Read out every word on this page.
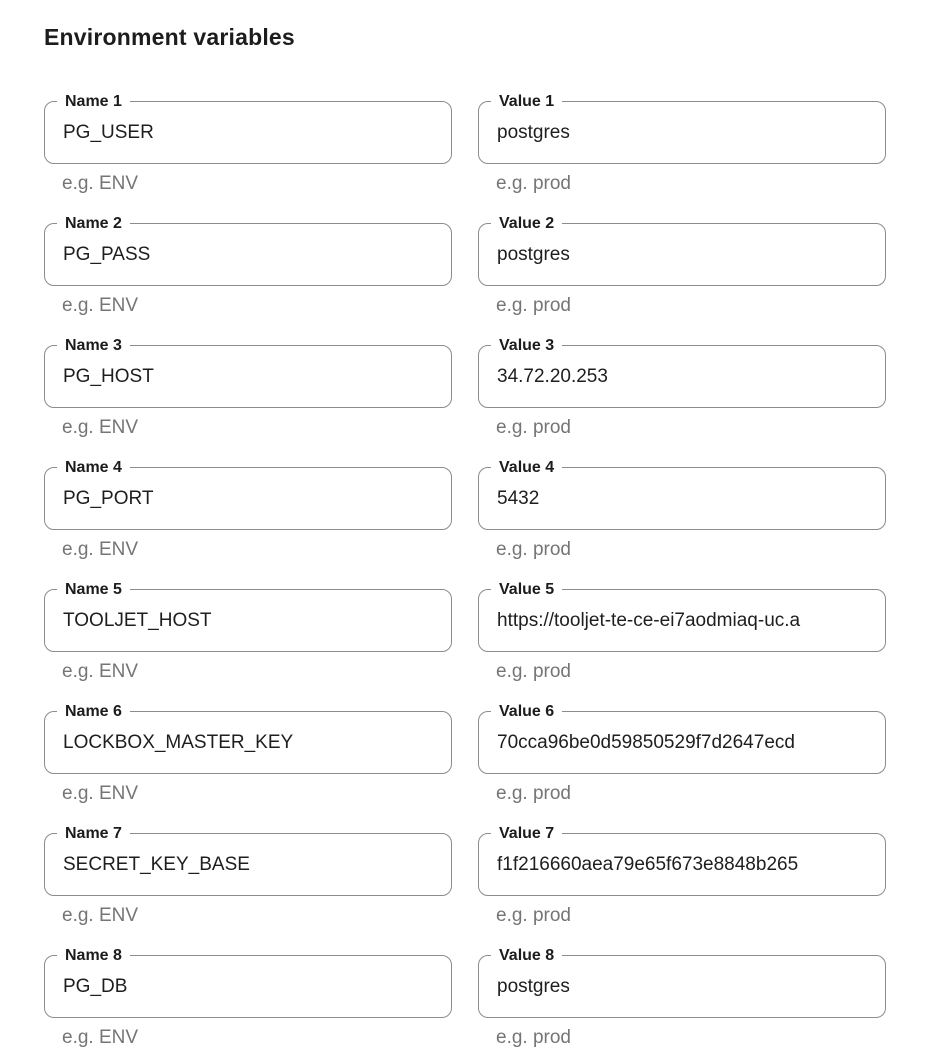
Environment variables
Name 1
PG_USER
e.g. ENV
Value 1
postgres
e.g. prod
Name 2
PG_PASS
e.g. ENV
Value 2
postgres
e.g. prod
Name 3
PG_HOST
e.g. ENV
Value 3
34.72.20.253
e.g. prod
Name 4
PG_PORT
e.g. ENV
Value 4
5432
e.g. prod
Name 5
TOOLJET_HOST
e.g. ENV
Value 5
https://tooljet-te-ce-ei7aodmiaq-uc.a
e.g. prod
Name 6
LOCKBOX_MASTER_KEY
e.g. ENV
Value 6
70cca96be0d59850529f7d2647ecd
e.g. prod
Name 7
SECRET_KEY_BASE
e.g. ENV
Value 7
f1f216660aea79e65f673e8848b265
e.g. prod
Name 8
PG_DB
e.g. ENV
Value 8
postgres
e.g. prod
